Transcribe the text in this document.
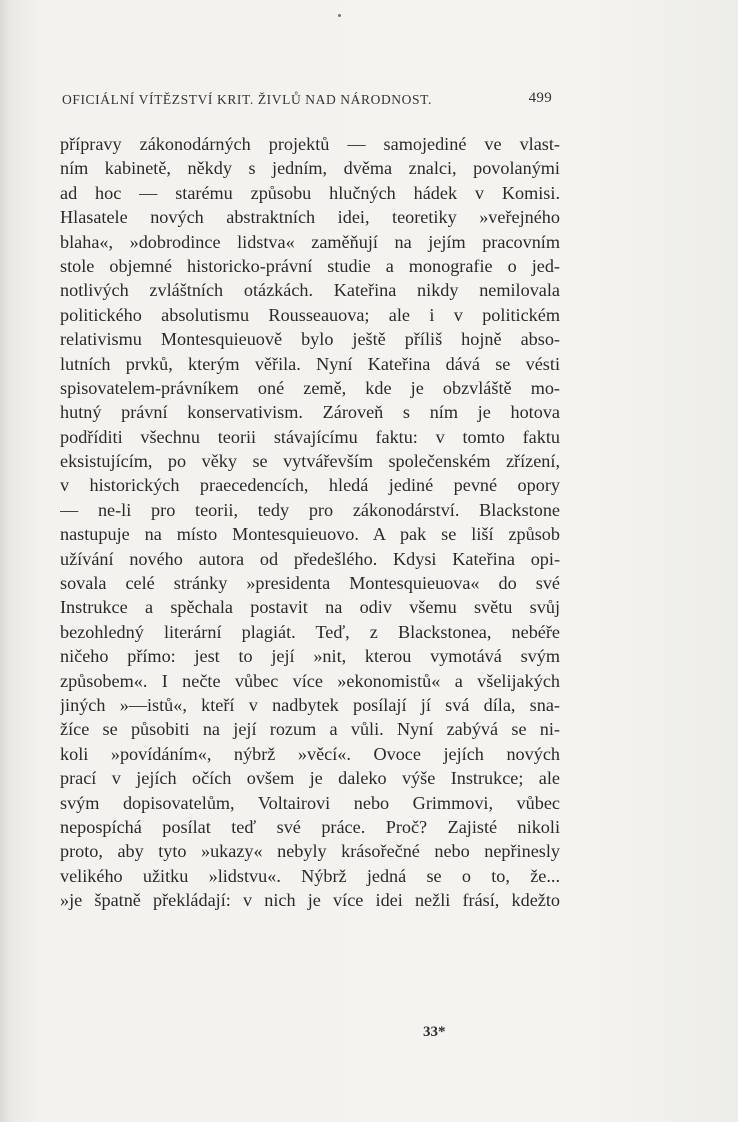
OFICIÁLNÍ VÍTĚZSTVÍ KRIT. ŽIVLŮ NAD NÁRODNOST.	499
přípravy zákonodárných projektů — samojediné ve vlast-
ním kabinetě, někdy s jedním, dvěma znalci, povolanými
ad hoc — starému způsobu hlučných hádek v Komisi.
Hlasatele nových abstraktních idei, teoretiky »veřejného
blaha«, »dobrodince lidstva« zaměňují na jejím pracovním
stole objemné historicko-právní studie a monografie o jed-
notlivých zvláštních otázkách. Kateřina nikdy nemilovala
politického absolutismu Rousseauova; ale i v politickém
relativismu Montesquieuově bylo ještě příliš hojně abso-
lutních prvků, kterým věřila. Nyní Kateřina dává se vésti
spisovatelem-právníkem oné země, kde je obzvláště mo-
hutný právní konservativism. Zároveň s ním je hotova
podříditi všechnu teorii stávajícímu faktu: v tomto faktu
eksistujícím, po věky se vytvářevším společenském zřízení,
v historických praecedencích, hledá jediné pevné opory
— ne-li pro teorii, tedy pro zákonodárství. Blackstone
nastupuje na místo Montesquieuovo. A pak se liší způsob
užívání nového autora od předešlého. Kdysi Kateřina opi-
sovala celé stránky »presidenta Montesquieuova« do své
Instrukce a spěchala postavit na odiv všemu světu svůj
bezohledný literární plagiát. Teď, z Blackstonea, nebéře
ničeho přímo: jest to její »nit, kterou vymotává svým
způsobem«. I nečte vůbec více »ekonomistů« a všelijakých
jiných »—istů«, kteří v nadbytek posílají jí svá díla, sna-
žíce se působiti na její rozum a vůli. Nyní zabývá se ni-
koli »povídáním«, nýbrž »věcí«. Ovoce jejích nových
prací v jejích očích ovšem je daleko výše Instrukce; ale
svým dopisovatelům, Voltairovi nebo Grimmovi, vůbec
nepospíchá posílat teď své práce. Proč? Zajisté nikoli
proto, aby tyto »ukazy« nebyly krásořečné nebo nepřinesly
velikého užitku »lidstvu«. Nýbrž jedná se o to, že...
»je špatně překládají: v nich je více idei nežli frásí, kdežto
33*
